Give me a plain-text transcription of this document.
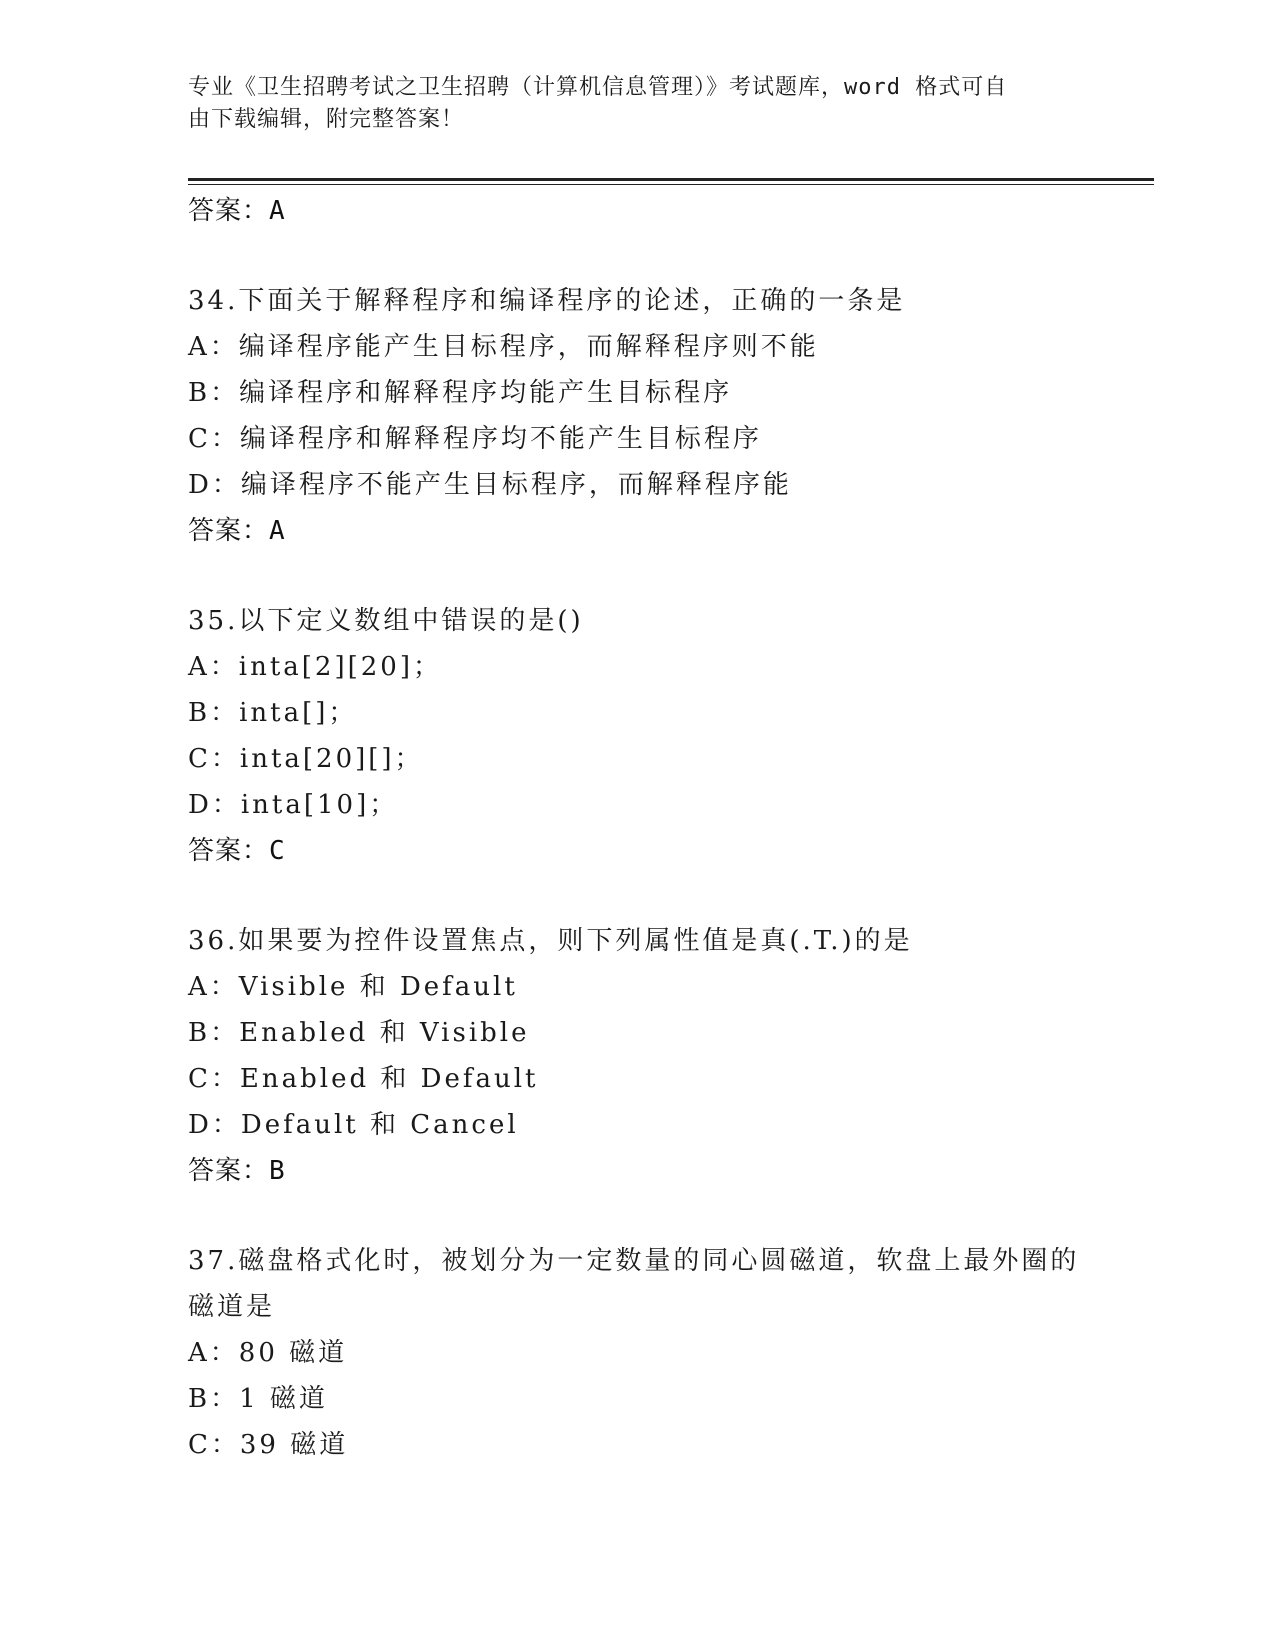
专业《卫生招聘考试之卫生招聘（计算机信息管理）》考试题库，word 格式可自
由下载编辑，附完整答案！
答案：A
34.下面关于解释程序和编译程序的论述，正确的一条是
A：编译程序能产生目标程序，而解释程序则不能
B：编译程序和解释程序均能产生目标程序
C：编译程序和解释程序均不能产生目标程序
D：编译程序不能产生目标程序，而解释程序能
答案：A
35.以下定义数组中错误的是()
A：inta[2][20]；
B：inta[]；
C：inta[20][]；
D：inta[10]；
答案：C
36.如果要为控件设置焦点，则下列属性值是真(.T.)的是
A：Visible 和 Default
B：Enabled 和 Visible
C：Enabled 和 Default
D：Default 和 Cancel
答案：B
37.磁盘格式化时，被划分为一定数量的同心圆磁道，软盘上最外圈的磁道是
A：80 磁道
B：1 磁道
C：39 磁道
